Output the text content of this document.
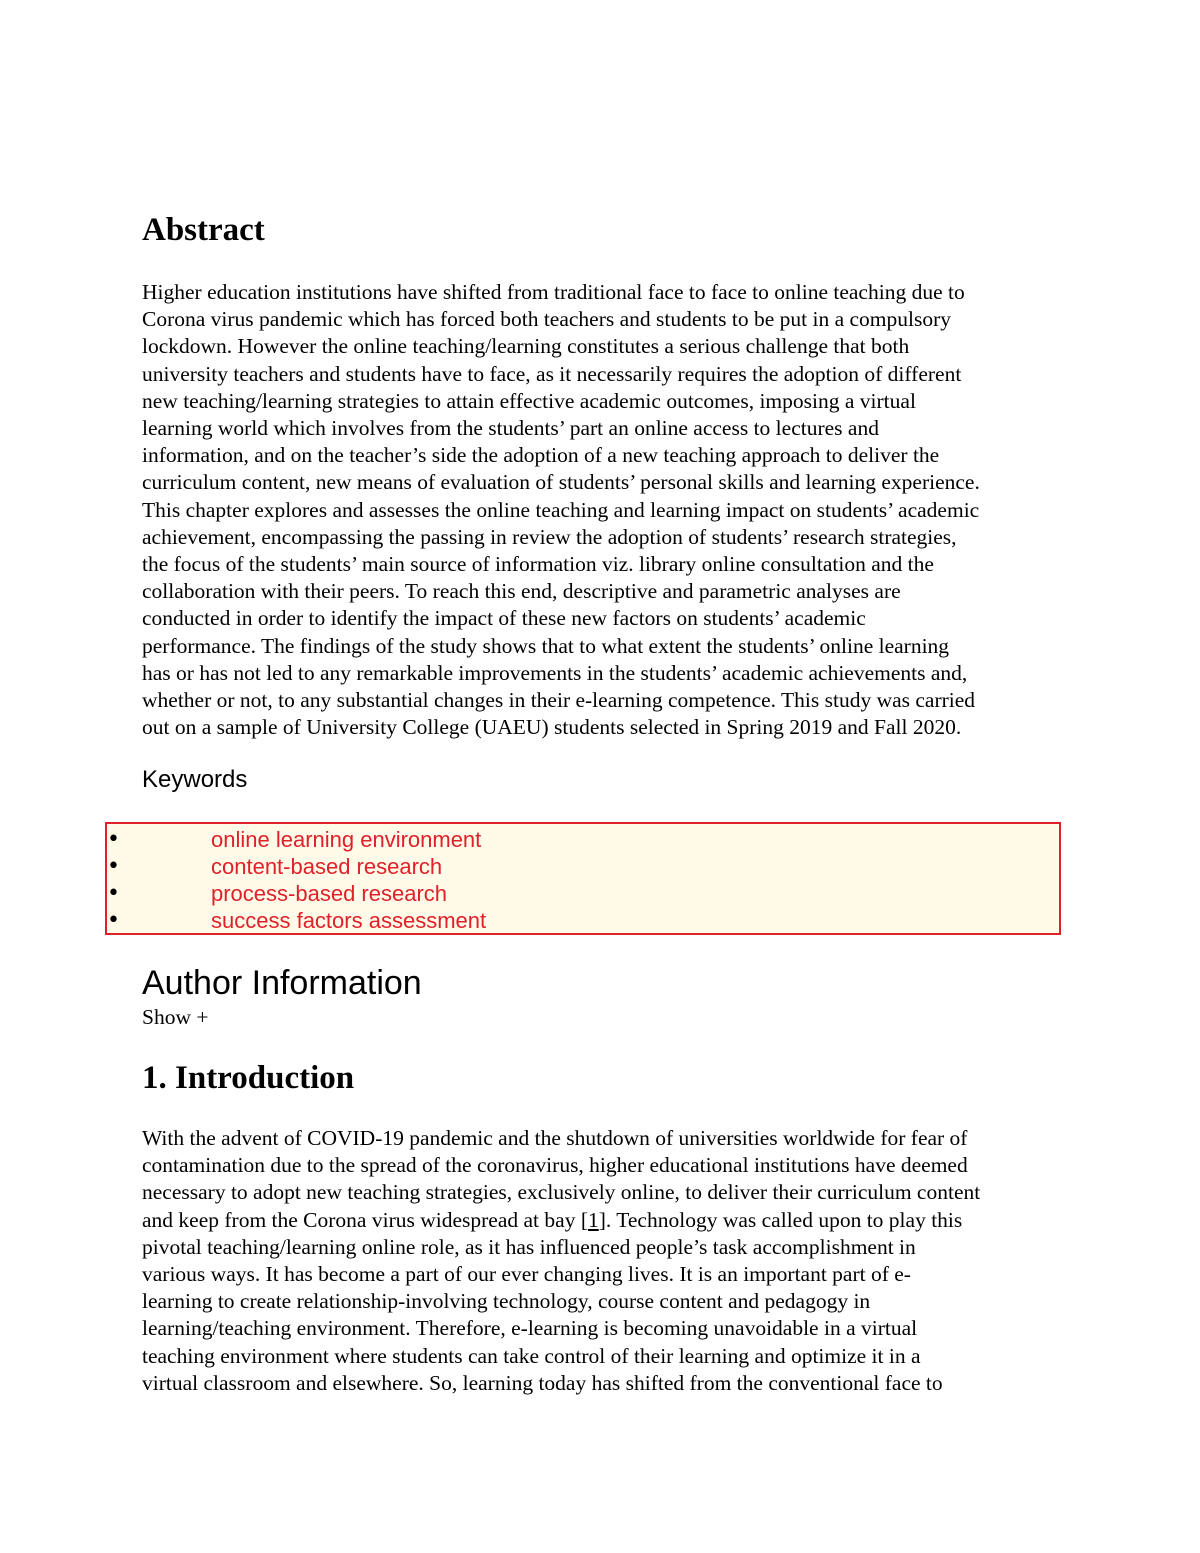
Abstract
Higher education institutions have shifted from traditional face to face to online teaching due to
Corona virus pandemic which has forced both teachers and students to be put in a compulsory
lockdown. However the online teaching/learning constitutes a serious challenge that both
university teachers and students have to face, as it necessarily requires the adoption of different
new teaching/learning strategies to attain effective academic outcomes, imposing a virtual
learning world which involves from the students’ part an online access to lectures and
information, and on the teacher’s side the adoption of a new teaching approach to deliver the
curriculum content, new means of evaluation of students’ personal skills and learning experience.
This chapter explores and assesses the online teaching and learning impact on students’ academic
achievement, encompassing the passing in review the adoption of students’ research strategies,
the focus of the students’ main source of information viz. library online consultation and the
collaboration with their peers. To reach this end, descriptive and parametric analyses are
conducted in order to identify the impact of these new factors on students’ academic
performance. The findings of the study shows that to what extent the students’ online learning
has or has not led to any remarkable improvements in the students’ academic achievements and,
whether or not, to any substantial changes in their e-learning competence. This study was carried
out on a sample of University College (UAEU) students selected in Spring 2019 and Fall 2020.
Keywords
•	online learning environment
•	content-based research
•	process-based research
•	success factors assessment
Author Information
Show +
1. Introduction
With the advent of COVID-19 pandemic and the shutdown of universities worldwide for fear of
contamination due to the spread of the coronavirus, higher educational institutions have deemed
necessary to adopt new teaching strategies, exclusively online, to deliver their curriculum content
and keep from the Corona virus widespread at bay [1]. Technology was called upon to play this
pivotal teaching/learning online role, as it has influenced people’s task accomplishment in
various ways. It has become a part of our ever changing lives. It is an important part of e-
learning to create relationship-involving technology, course content and pedagogy in
learning/teaching environment. Therefore, e-learning is becoming unavoidable in a virtual
teaching environment where students can take control of their learning and optimize it in a
virtual classroom and elsewhere. So, learning today has shifted from the conventional face to
